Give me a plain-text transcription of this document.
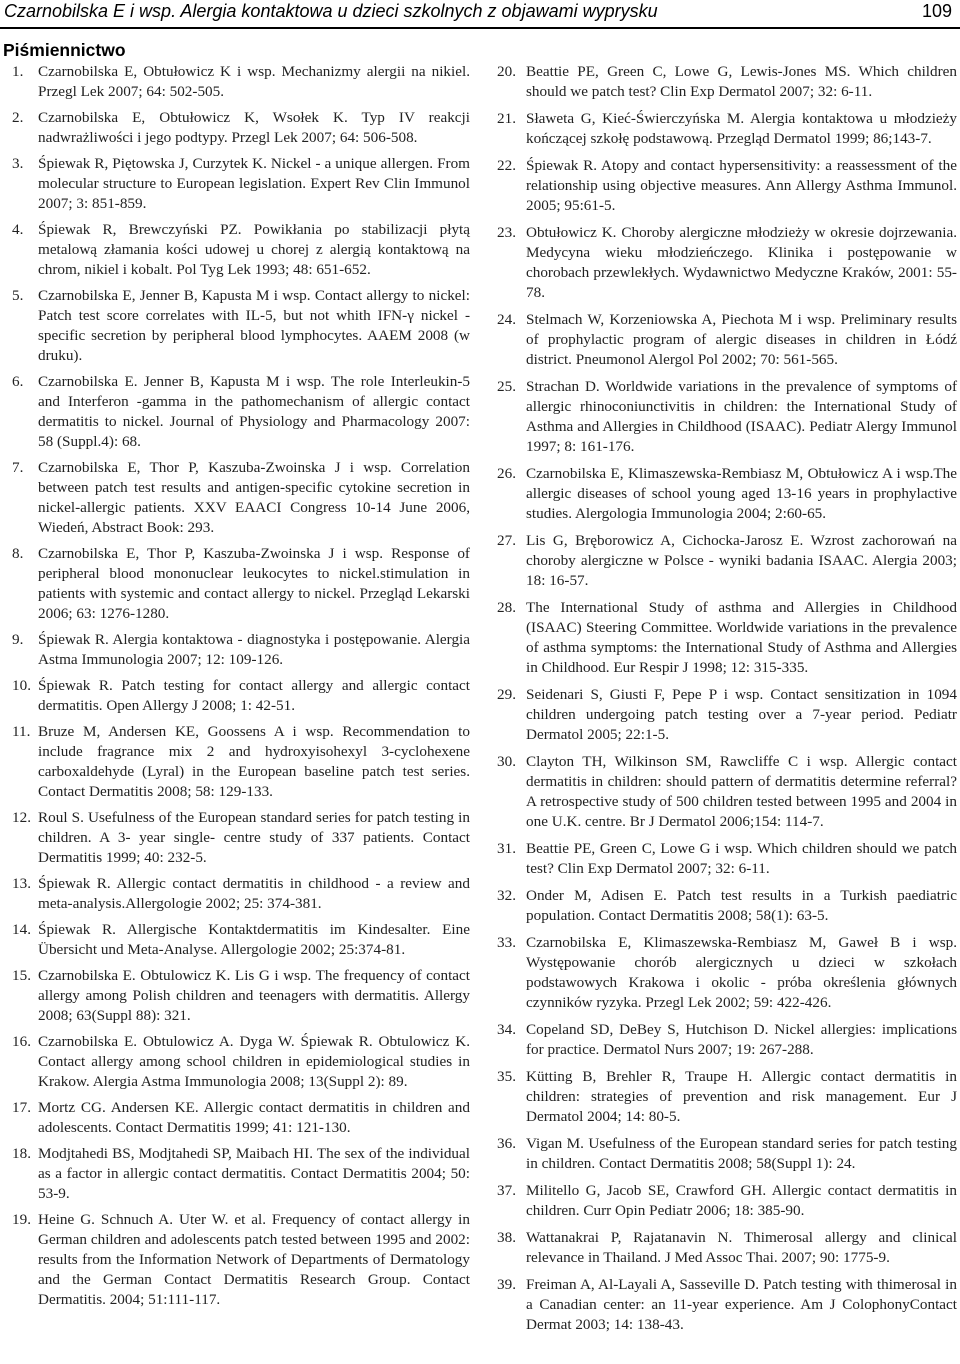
Czarnobilska E i wsp. Alergia kontaktowa u dzieci szkolnych z objawami wyprysku	109
Piśmiennictwo
1. Czarnobilska E, Obtułowicz K i wsp. Mechanizmy alergii na nikiel. Przegl Lek 2007; 64: 502-505.
2. Czarnobilska E, Obtułowicz K, Wsołek K. Typ IV reakcji nadwrażliwości i jego podtypy. Przegl Lek 2007; 64: 506-508.
3. Śpiewak R, Piętowska J, Curzytek K. Nickel - a unique allergen. From molecular structure to European legislation. Expert Rev Clin Immunol 2007; 3: 851-859.
4. Śpiewak R, Brewczyński PZ. Powikłania po stabilizacji płytą metalową złamania kości udowej u chorej z alergią kontaktową na chrom, nikiel i kobalt. Pol Tyg Lek 1993; 48: 651-652.
5. Czarnobilska E, Jenner B, Kapusta M i wsp. Contact allergy to nickel: Patch test score correlates with IL-5, but not whith IFN-γ nickel - specific secretion by peripheral blood lymphocytes. AAEM 2008 (w druku).
6. Czarnobilska E. Jenner B, Kapusta M i wsp. The role Interleukin-5 and Interferon -gamma in the pathomechanism of allergic contact dermatitis to nickel. Journal of Physiology and Pharmacology 2007: 58 (Suppl.4): 68.
7. Czarnobilska E, Thor P, Kaszuba-Zwoinska J i wsp. Correlation between patch test results and antigen-specific cytokine secretion in nickel-allergic patients. XXV EAACI Congress 10-14 June 2006, Wiedeń, Abstract Book: 293.
8. Czarnobilska E, Thor P, Kaszuba-Zwoinska J i wsp. Response of peripheral blood mononuclear leukocytes to nickel.stimulation in patients with systemic and contact allergy to nickel. Przegląd Lekarski 2006; 63: 1276-1280.
9. Śpiewak R. Alergia kontaktowa - diagnostyka i postępowanie. Alergia Astma Immunologia 2007; 12: 109-126.
10. Śpiewak R. Patch testing for contact allergy and allergic contact dermatitis. Open Allergy J 2008; 1: 42-51.
11. Bruze M, Andersen KE, Goossens A i wsp. Recommendation to include fragrance mix 2 and hydroxyisohexyl 3-cyclohexene carboxaldehyde (Lyral) in the European baseline patch test series. Contact Dermatitis 2008; 58: 129-133.
12. Roul S. Usefulness of the European standard series for patch testing in children. A 3- year single- centre study of 337 patients. Contact Dermatitis 1999; 40: 232-5.
13. Śpiewak R. Allergic contact dermatitis in childhood - a review and meta-analysis.Allergologie 2002; 25: 374-381.
14. Śpiewak R. Allergische Kontaktdermatitis im Kindesalter. Eine Übersicht und Meta-Analyse. Allergologie 2002; 25:374-81.
15. Czarnobilska E. Obtulowicz K. Lis G i wsp. The frequency of contact allergy among Polish children and teenagers with dermatitis. Allergy 2008; 63(Suppl 88): 321.
16. Czarnobilska E. Obtulowicz A. Dyga W. Śpiewak R. Obtulowicz K. Contact allergy among school children in epidemiological studies in Krakow. Alergia Astma Immunologia 2008; 13(Suppl 2): 89.
17. Mortz CG. Andersen KE. Allergic contact dermatitis in children and adolescents. Contact Dermatitis 1999; 41: 121-130.
18. Modjtahedi BS, Modjtahedi SP, Maibach HI. The sex of the individual as a factor in allergic contact dermatitis. Contact Dermatitis 2004; 50: 53-9.
19. Heine G. Schnuch A. Uter W. et al. Frequency of contact allergy in German children and adolescents patch tested between 1995 and 2002: results from the Information Network of Departments of Dermatology and the German Contact Dermatitis Research Group. Contact Dermatitis. 2004; 51:111-117.
20. Beattie PE, Green C, Lowe G, Lewis-Jones MS. Which children should we patch test? Clin Exp Dermatol 2007; 32: 6-11.
21. Sławeta G, Kieć-Świerczyńska M. Alergia kontaktowa u młodzieży kończącej szkołę podstawową. Przegląd Dermatol 1999; 86;143-7.
22. Śpiewak R. Atopy and contact hypersensitivity: a reassessment of the relationship using objective measures. Ann Allergy Asthma Immunol. 2005; 95:61-5.
23. Obtułowicz K. Choroby alergiczne młodzieży w okresie dojrzewania. Medycyna wieku młodzieńczego. Klinika i postępowanie w chorobach przewlekłych. Wydawnictwo Medyczne Kraków, 2001: 55-78.
24. Stelmach W, Korzeniowska A, Piechota M i wsp. Preliminary results of prophylactic program of alergic diseases in children in Łódź district. Pneumonol Alergol Pol 2002; 70: 561-565.
25. Strachan D. Worldwide variations in the prevalence of symptoms of allergic rhinoconiunctivitis in children: the International Study of Asthma and Allergies in Childhood (ISAAC). Pediatr Alergy Immunol 1997; 8: 161-176.
26. Czarnobilska E, Klimaszewska-Rembiasz M, Obtułowicz A i wsp.The allergic diseases of school young aged 13-16 years in prophylactive studies. Alergologia Immunologia 2004; 2:60-65.
27. Lis G, Bręborowicz A, Cichocka-Jarosz E. Wzrost zachorowań na choroby alergiczne w Polsce - wyniki badania ISAAC. Alergia 2003; 18: 16-57.
28. The International Study of asthma and Allergies in Childhood (ISAAC) Steering Committee. Worldwide variations in the prevalence of asthma symptoms: the International Study of Asthma and Allergies in Childhood. Eur Respir J 1998; 12: 315-335.
29. Seidenari S, Giusti F, Pepe P i wsp. Contact sensitization in 1094 children undergoing patch testing over a 7-year period. Pediatr Dermatol 2005; 22:1-5.
30. Clayton TH, Wilkinson SM, Rawcliffe C i wsp. Allergic contact dermatitis in children: should pattern of dermatitis determine referral? A retrospective study of 500 children tested between 1995 and 2004 in one U.K. centre. Br J Dermatol 2006;154: 114-7.
31. Beattie PE, Green C, Lowe G i wsp. Which children should we patch test? Clin Exp Dermatol 2007; 32: 6-11.
32. Onder M, Adisen E. Patch test results in a Turkish paediatric population. Contact Dermatitis 2008; 58(1): 63-5.
33. Czarnobilska E, Klimaszewska-Rembiasz M, Gaweł B i wsp. Występowanie chorób alergicznych u dzieci w szkołach podstawowych Krakowa i okolic - próba określenia głównych czynników ryzyka. Przegl Lek 2002; 59: 422-426.
34. Copeland SD, DeBey S, Hutchison D. Nickel allergies: implications for practice. Dermatol Nurs 2007; 19: 267-288.
35. Kütting B, Brehler R, Traupe H. Allergic contact dermatitis in children: strategies of prevention and risk management. Eur J Dermatol 2004; 14: 80-5.
36. Vigan M. Usefulness of the European standard series for patch testing in children. Contact Dermatitis 2008; 58(Suppl 1): 24.
37. Militello G, Jacob SE, Crawford GH. Allergic contact dermatitis in children. Curr Opin Pediatr 2006; 18: 385-90.
38. Wattanakrai P, Rajatanavin N. Thimerosal allergy and clinical relevance in Thailand. J Med Assoc Thai. 2007; 90: 1775-9.
39. Freiman A, Al-Layali A, Sasseville D. Patch testing with thimerosal in a Canadian center: an 11-year experience. Am J ColophonyContact Dermat 2003; 14: 138-43.
